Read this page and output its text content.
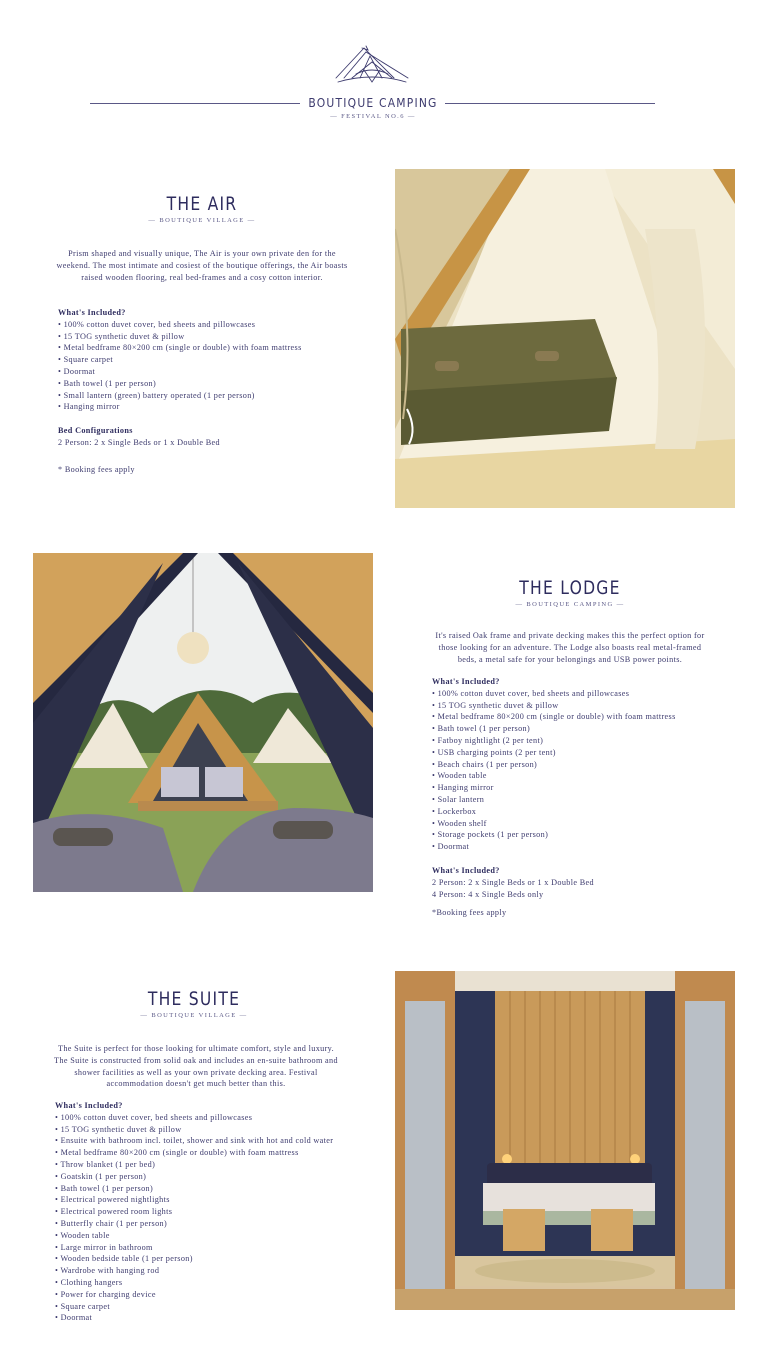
BOUTIQUE CAMPING
— FESTIVAL NO.6 —
THE AIR
— BOUTIQUE VILLAGE —
Prism shaped and visually unique, The Air is your own private den for the weekend. The most intimate and cosiest of the boutique offerings, the Air boasts raised wooden flooring, real bed-frames and a cosy cotton interior.
What's Included?
• 100% cotton duvet cover, bed sheets and pillowcases
• 15 TOG synthetic duvet & pillow
• Metal bedframe 80×200 cm (single or double) with foam mattress
• Square carpet
• Doormat
• Bath towel (1 per person)
• Small lantern (green) battery operated (1 per person)
• Hanging mirror
Bed Configurations
2 Person: 2 x Single Beds or 1 x Double Bed
* Booking fees apply
THE LODGE
— BOUTIQUE CAMPING —
It's raised Oak frame and private decking makes this the perfect option for those looking for an adventure. The Lodge also boasts real metal-framed beds, a metal safe for your belongings and USB power points.
What's Included?
• 100% cotton duvet cover, bed sheets and pillowcases
• 15 TOG synthetic duvet & pillow
• Metal bedframe 80×200 cm (single or double) with foam mattress
• Bath towel (1 per person)
• Fatboy nightlight (2 per tent)
• USB charging points (2 per tent)
• Beach chairs (1 per person)
• Wooden table
• Hanging mirror
• Solar lantern
• Lockerbox
• Wooden shelf
• Storage pockets (1 per person)
• Doormat
What's Included?
2 Person: 2 x Single Beds or 1 x Double Bed
4 Person: 4 x Single Beds only
*Booking fees apply
THE SUITE
— BOUTIQUE VILLAGE —
The Suite is perfect for those looking for ultimate comfort, style and luxury. The Suite is constructed from solid oak and includes an en-suite bathroom and shower facilities as well as your own private decking area. Festival accommodation doesn't get much better than this.
What's Included?
• 100% cotton duvet cover, bed sheets and pillowcases
• 15 TOG synthetic duvet & pillow
• Ensuite with bathroom incl. toilet, shower and sink with hot and cold water
• Metal bedframe 80×200 cm (single or double) with foam mattress
• Throw blanket (1 per bed)
• Goatskin (1 per person)
• Bath towel (1 per person)
• Electrical powered nightlights
• Electrical powered room lights
• Butterfly chair (1 per person)
• Wooden table
• Large mirror in bathroom
• Wooden bedside table (1 per person)
• Wardrobe with hanging rod
• Clothing hangers
• Power for charging device
• Square carpet
• Doormat
